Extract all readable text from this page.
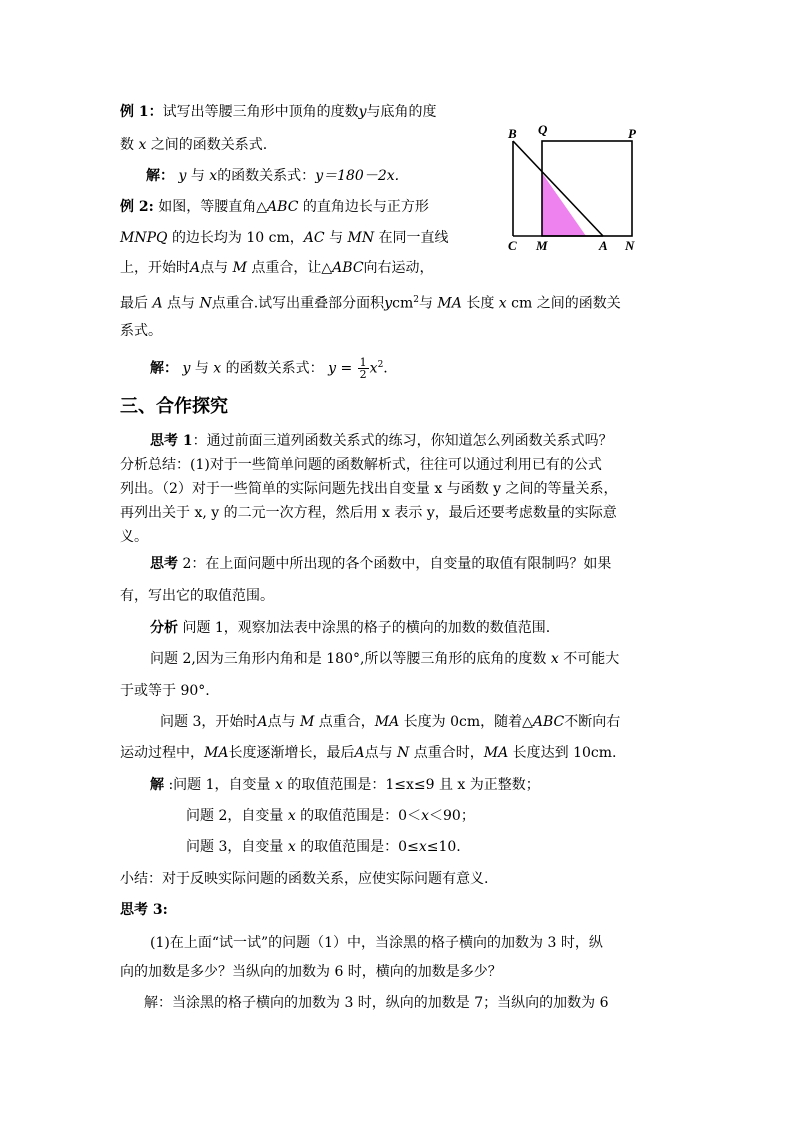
例 1：试写出等腰三角形中顶角的度数y与底角的度
数 x 之间的函数关系式.
解： y 与 x的函数关系式：y＝180－2x.
例 2: 如图，等腰直角△ABC 的直角边长与正方形
MNPQ 的边长均为 10 cm，AC 与 MN 在同一直线
上，开始时A点与 M 点重合，让△ABC向右运动，
最后 A 点与 N点重合.试写出重叠部分面积ycm$^2$与 MA 长度 x cm 之间的函数关
系式。
解： y 与 x 的函数关系式： $y = \frac{1}{2} x^2$.
B Q	P
C M	A N
三、合作探究
思考 1：通过前面三道列函数关系式的练习，你知道怎么列函数关系式吗？
分析总结：(1)对于一些简单问题的函数解析式，往往可以通过利用已有的公式
列出。（2）对于一些简单的实际问题先找出自变量 x 与函数 y 之间的等量关系，
再列出关于 x, y 的二元一次方程，然后用 x 表示 y，最后还要考虑数量的实际意
义。
思考 2：在上面问题中所出现的各个函数中，自变量的取值有限制吗？如果
有，写出它的取值范围。
分析 问题 1，观察加法表中涂黑的格子的横向的加数的数值范围.
问题 2,因为三角形内角和是 180°,所以等腰三角形的底角的度数 x 不可能大
于或等于 90°.
问题 3，开始时A点与 M 点重合，MA 长度为 0cm，随着△ABC不断向右
运动过程中，MA长度逐渐增长，最后A点与 N 点重合时，MA 长度达到 10cm.
解 :问题 1，自变量 x 的取值范围是：1≤x≤9 且 x 为正整数；
问题 2，自变量 x 的取值范围是：0＜x＜90；
问题 3，自变量 x 的取值范围是：0≤x≤10.
小结：对于反映实际问题的函数关系，应使实际问题有意义.
思考 3:
(1)在上面“试一试”的问题（1）中，当涂黑的格子横向的加数为 3 时，纵
向的加数是多少？当纵向的加数为 6 时，横向的加数是多少？
解：当涂黑的格子横向的加数为 3 时，纵向的加数是 7；当纵向的加数为 6
